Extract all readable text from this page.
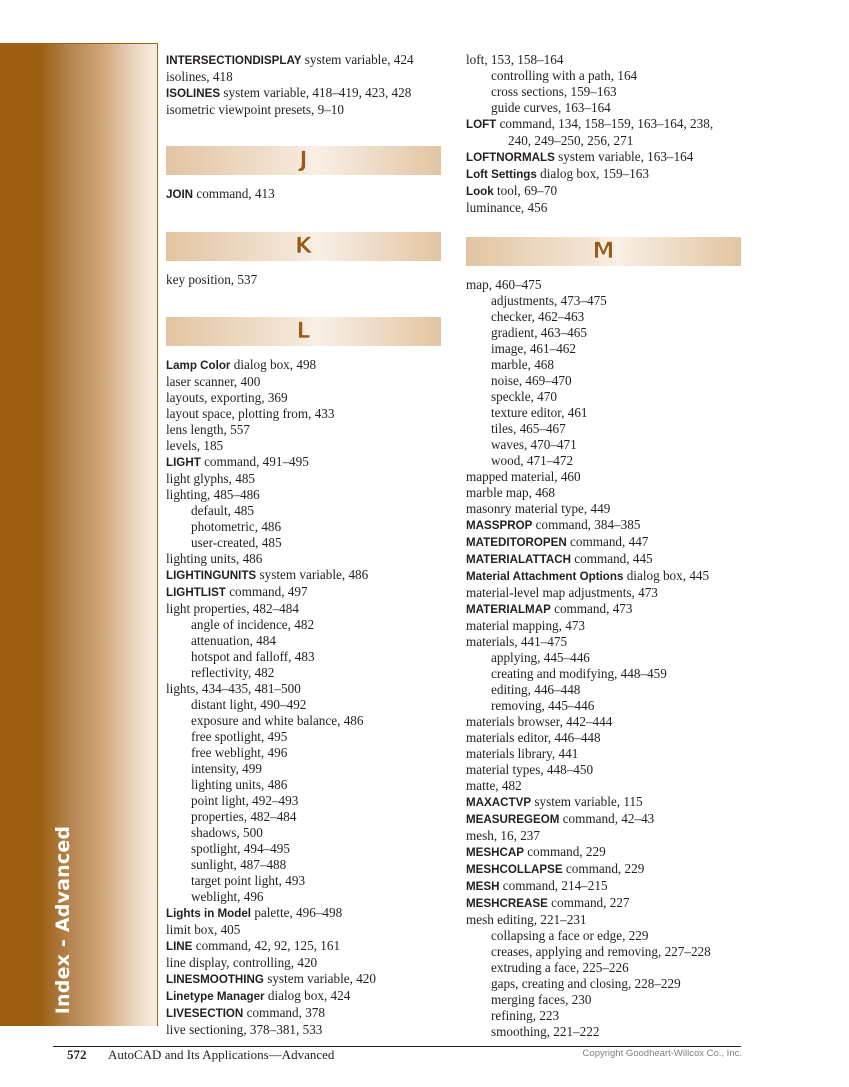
Index - Advanced
INTERSECTIONDISPLAY system variable, 424
isolines, 418
ISOLINES system variable, 418–419, 423, 428
isometric viewpoint presets, 9–10
J
JOIN command, 413
K
key position, 537
L
Lamp Color dialog box, 498
laser scanner, 400
layouts, exporting, 369
layout space, plotting from, 433
lens length, 557
levels, 185
LIGHT command, 491–495
light glyphs, 485
lighting, 485–486
default, 485
photometric, 486
user-created, 485
lighting units, 486
LIGHTINGUNITS system variable, 486
LIGHTLIST command, 497
light properties, 482–484
angle of incidence, 482
attenuation, 484
hotspot and falloff, 483
reflectivity, 482
lights, 434–435, 481–500
distant light, 490–492
exposure and white balance, 486
free spotlight, 495
free weblight, 496
intensity, 499
lighting units, 486
point light, 492–493
properties, 482–484
shadows, 500
spotlight, 494–495
sunlight, 487–488
target point light, 493
weblight, 496
Lights in Model palette, 496–498
limit box, 405
LINE command, 42, 92, 125, 161
line display, controlling, 420
LINESMOOTHING system variable, 420
Linetype Manager dialog box, 424
LIVESECTION command, 378
live sectioning, 378–381, 533
loft, 153, 158–164
controlling with a path, 164
cross sections, 159–163
guide curves, 163–164
LOFT command, 134, 158–159, 163–164, 238,
240, 249–250, 256, 271
LOFTNORMALS system variable, 163–164
Loft Settings dialog box, 159–163
Look tool, 69–70
luminance, 456
M
map, 460–475
adjustments, 473–475
checker, 462–463
gradient, 463–465
image, 461–462
marble, 468
noise, 469–470
speckle, 470
texture editor, 461
tiles, 465–467
waves, 470–471
wood, 471–472
mapped material, 460
marble map, 468
masonry material type, 449
MASSPROP command, 384–385
MATEDITOROPEN command, 447
MATERIALATTACH command, 445
Material Attachment Options dialog box, 445
material-level map adjustments, 473
MATERIALMAP command, 473
material mapping, 473
materials, 441–475
applying, 445–446
creating and modifying, 448–459
editing, 446–448
removing, 445–446
materials browser, 442–444
materials editor, 446–448
materials library, 441
material types, 448–450
matte, 482
MAXACTVP system variable, 115
MEASUREGEOM command, 42–43
mesh, 16, 237
MESHCAP command, 229
MESHCOLLAPSE command, 229
MESH command, 214–215
MESHCREASE command, 227
mesh editing, 221–231
collapsing a face or edge, 229
creases, applying and removing, 227–228
extruding a face, 225–226
gaps, creating and closing, 228–229
merging faces, 230
refining, 223
smoothing, 221–222
572 AutoCAD and Its Applications—Advanced	Copyright Goodheart-Willcox Co., Inc.
